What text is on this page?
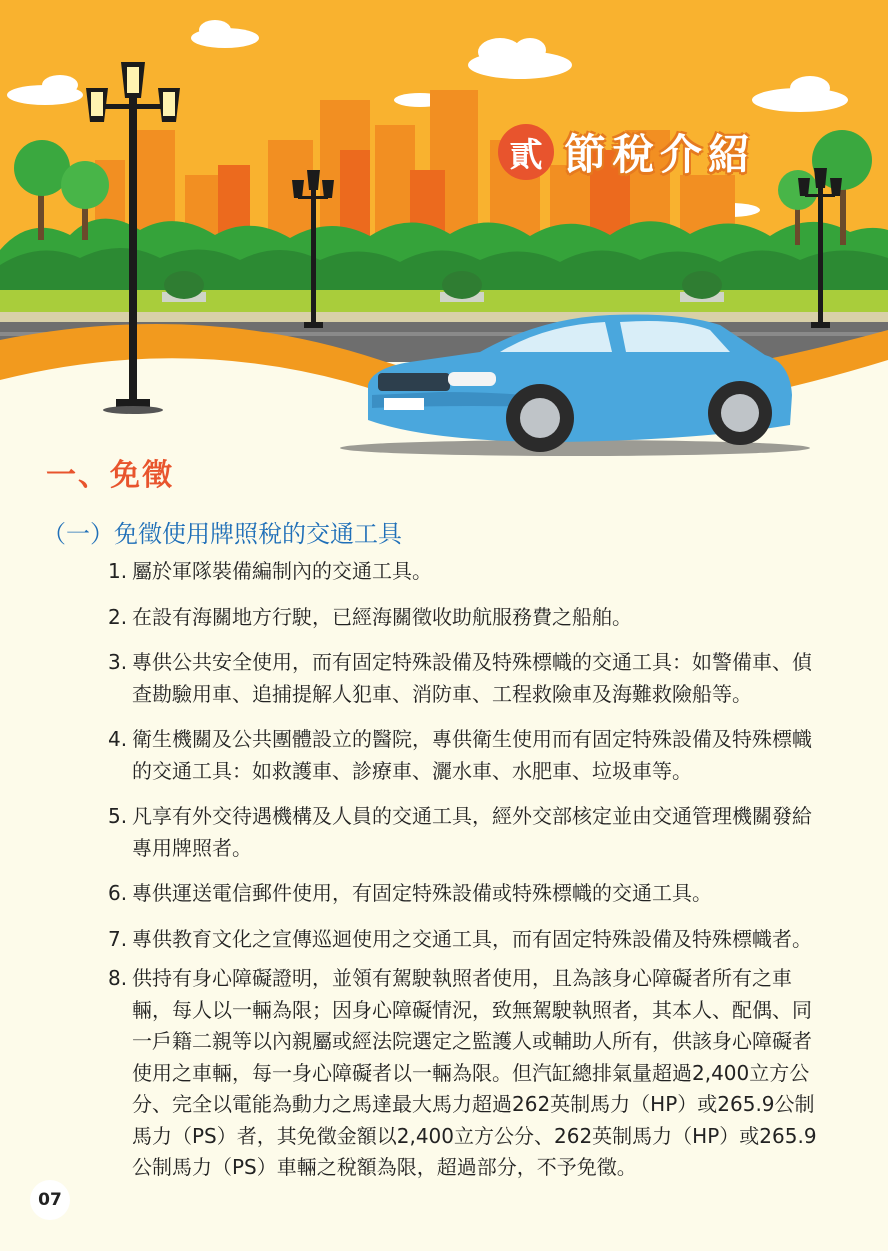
貳 節稅介紹
一、免徵
（一）免徵使用牌照稅的交通工具
1. 屬於軍隊裝備編制內的交通工具。
2. 在設有海關地方行駛，已經海關徵收助航服務費之船舶。
3. 專供公共安全使用，而有固定特殊設備及特殊標幟的交通工具：如警備車、偵查勘驗用車、追捕提解人犯車、消防車、工程救險車及海難救險船等。
4. 衛生機關及公共團體設立的醫院，專供衛生使用而有固定特殊設備及特殊標幟的交通工具：如救護車、診療車、灑水車、水肥車、垃圾車等。
5. 凡享有外交待遇機構及人員的交通工具，經外交部核定並由交通管理機關發給專用牌照者。
6. 專供運送電信郵件使用，有固定特殊設備或特殊標幟的交通工具。
7. 專供教育文化之宣傳巡迴使用之交通工具，而有固定特殊設備及特殊標幟者。
8. 供持有身心障礙證明，並領有駕駛執照者使用，且為該身心障礙者所有之車輛，每人以一輛為限；因身心障礙情況，致無駕駛執照者，其本人、配偶、同一戶籍二親等以內親屬或經法院選定之監護人或輔助人所有，供該身心障礙者使用之車輛，每一身心障礙者以一輛為限。但汽缸總排氣量超過2,400立方公分、完全以電能為動力之馬達最大馬力超過262英制馬力（HP）或265.9公制馬力（PS）者，其免徵金額以2,400立方公分、262英制馬力（HP）或265.9公制馬力（PS）車輛之稅額為限，超過部分，不予免徵。
07
